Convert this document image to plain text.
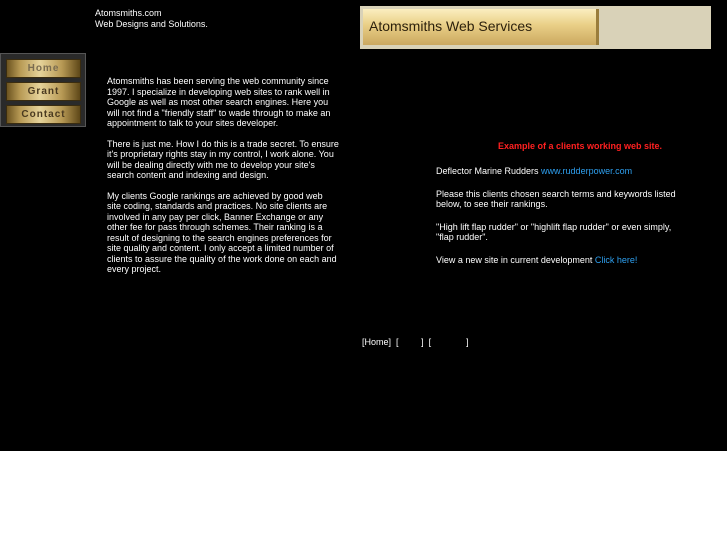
Atomsmiths.com
Web Designs and Solutions.
Home
Grant
Contact

Atomsmiths has been serving the web community since 1997. I specialize in developing web sites to rank well in Google as well as most other search engines. Here you will not find a "friendly staff" to wade through to make an appointment to talk to your sites developer.

There is just me. How I do this is a trade secret. To ensure it's proprietary rights stay in my control, I work alone. You will be dealing directly with me to develop your site's search content and indexing and design.

My clients Google rankings are achieved by good web site coding, standards and practices. No site clients are involved in any pay per click, Banner Exchange or any other fee for pass through schemes. Their ranking is a result of designing to the search engines preferences for site quality and content. I only accept a limited number of clients to assure the quality of the work done on each and every project.

Atomsmiths Web Services
Example of a clients working web site.

Deflector Marine Rudders www.rudderpower.com

Please this clients chosen search terms and keywords listed below, to see their rankings.

"High lift flap rudder" or "highlift flap rudder" or even simply, "flap rudder".

View a new site in current development Click here!

[Home] [	] [	]
